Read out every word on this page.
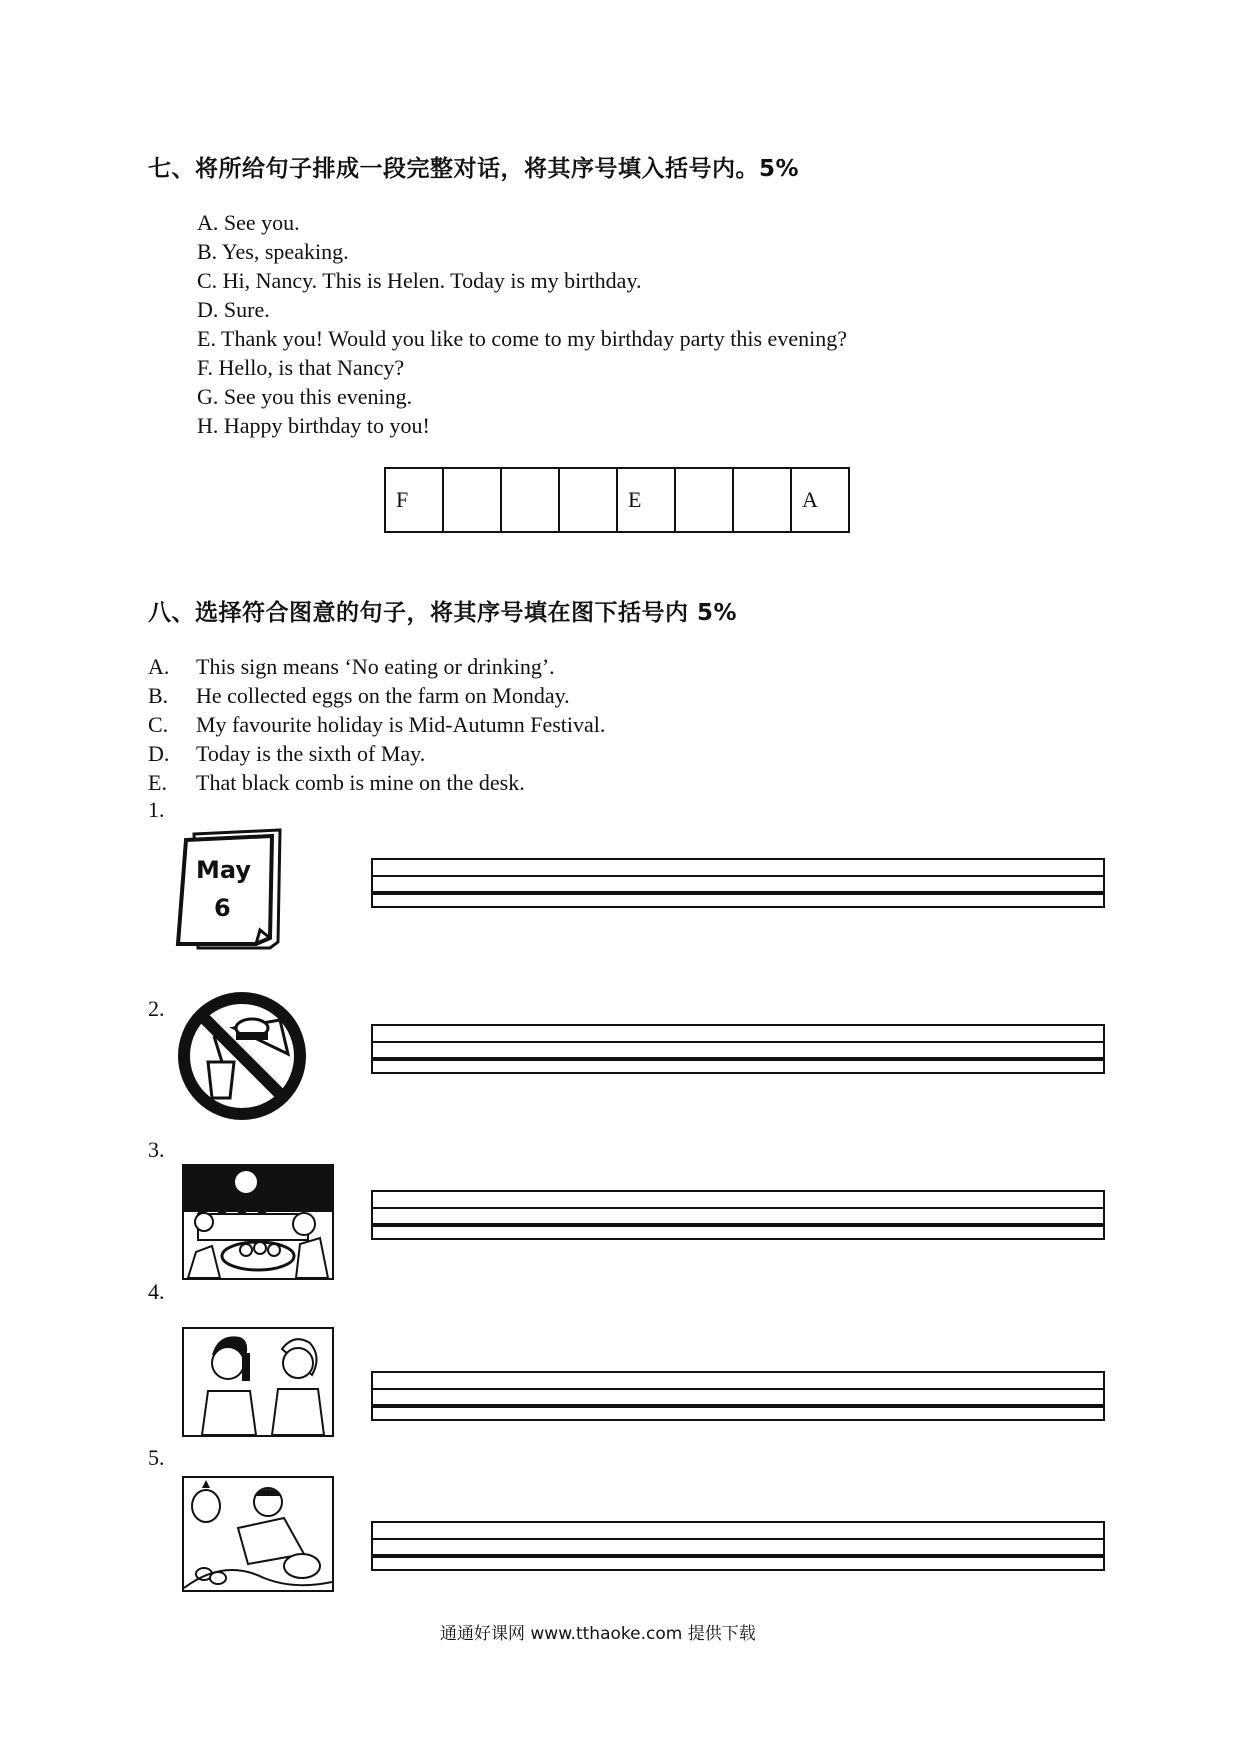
七、将所给句子排成一段完整对话，将其序号填入括号内。5%
A. See you.
B. Yes, speaking.
C. Hi, Nancy. This is Helen. Today is my birthday.
D. Sure.
E. Thank you! Would you like to come to my birthday party this evening?
F. Hello, is that Nancy?
G. See you this evening.
H. Happy birthday to you!
F				E			A
八、选择符合图意的句子，将其序号填在图下括号内 5%
A. This sign means ‘No eating or drinking’.
B. He collected eggs on the farm on Monday.
C. My favourite holiday is Mid-Autumn Festival.
D. Today is the sixth of May.
E. That black comb is mine on the desk.
1.
May
6
2.
3.
4.
5.
通通好课网 www.tthaoke.com 提供下载
